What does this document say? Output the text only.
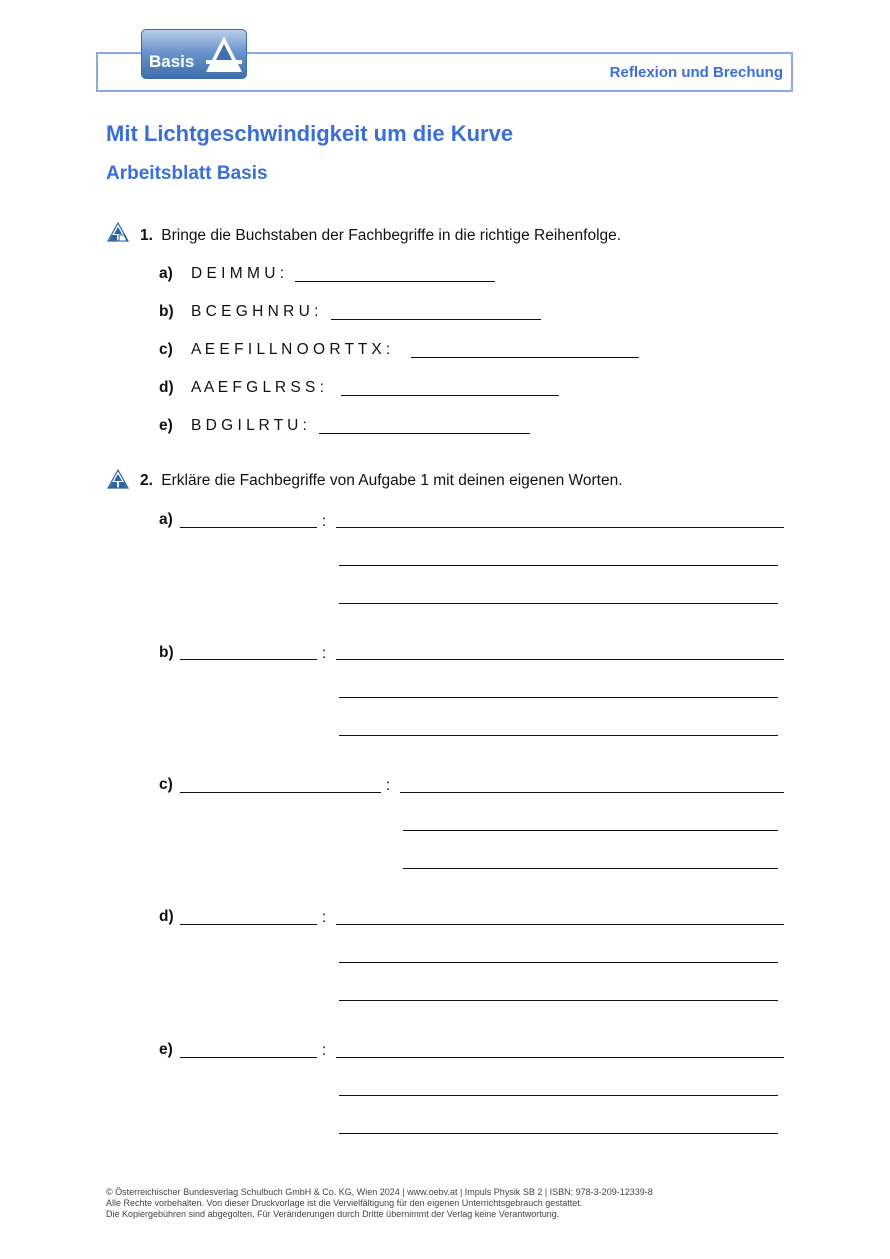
Basis
Reflexion und Brechung
Mit Lichtgeschwindigkeit um die Kurve
Arbeitsblatt Basis
1. Bringe die Buchstaben der Fachbegriffe in die richtige Reihenfolge.
a) D E I M M U :
b) B C E G H N R U :
c) A E E F I L L N O O R T T X :
d) A A E F G L R S S :
e) B D G I L R T U :
2. Erkläre die Fachbegriffe von Aufgabe 1 mit deinen eigenen Worten.
a)	:
b)	:
c)	:
d)	:
e)	:
© Österreichischer Bundesverlag Schulbuch GmbH & Co. KG, Wien 2024 | www.oebv.at | Impuls Physik SB 2 | ISBN: 978-3-209-12339-8
Alle Rechte vorbehalten. Von dieser Druckvorlage ist die Vervielfältigung für den eigenen Unterrichtsgebrauch gestattet.
Die Kopiergebühren sind abgegolten. Für Veränderungen durch Dritte übernimmt der Verlag keine Verantwortung.
